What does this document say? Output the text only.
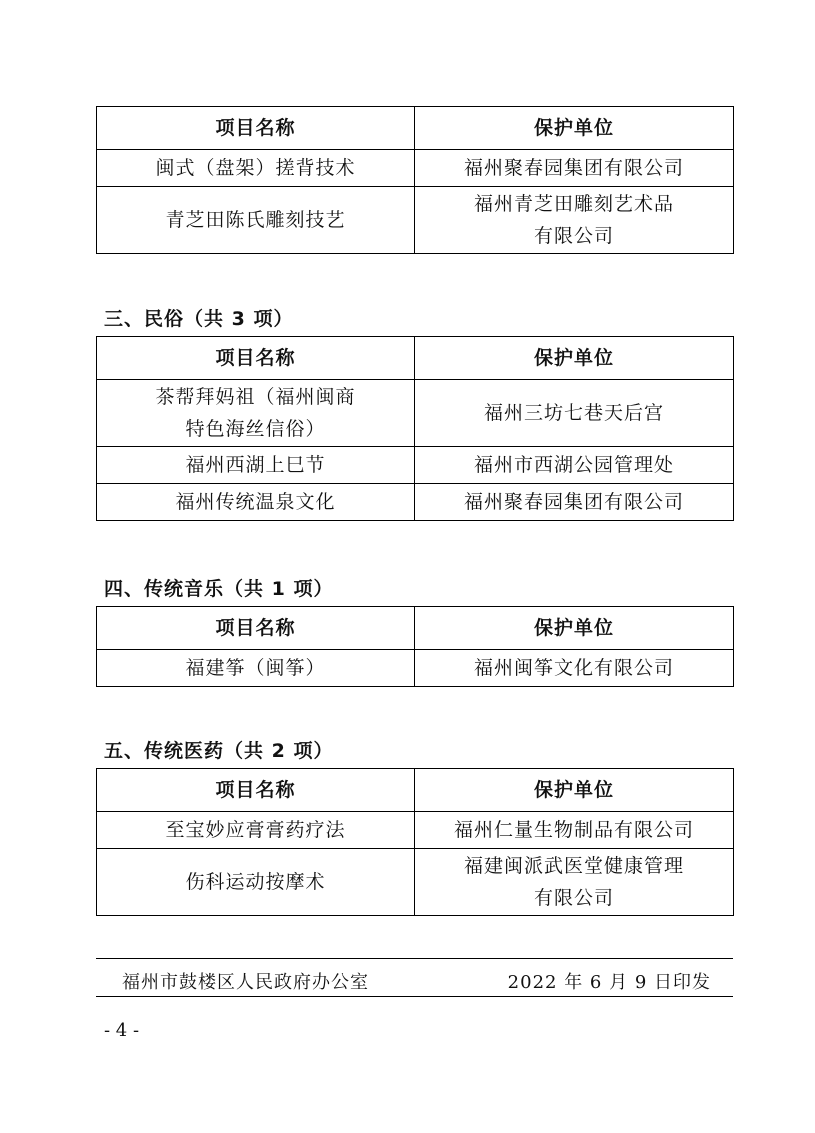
项目名称	保护单位
闽式（盘架）搓背技术	福州聚春园集团有限公司
青芝田陈氏雕刻技艺	福州青芝田雕刻艺术品
有限公司
三、民俗（共 3 项）
项目名称	保护单位
茶帮拜妈祖（福州闽商
特色海丝信俗）	福州三坊七巷天后宫
福州西湖上巳节	福州市西湖公园管理处
福州传统温泉文化	福州聚春园集团有限公司
四、传统音乐（共 1 项）
项目名称	保护单位
福建筝（闽筝）	福州闽筝文化有限公司
五、传统医药（共 2 项）
项目名称	保护单位
至宝妙应膏膏药疗法	福州仁量生物制品有限公司
伤科运动按摩术	福建闽派武医堂健康管理
有限公司
福州市鼓楼区人民政府办公室	2022 年 6 月 9 日印发
- 4 -
